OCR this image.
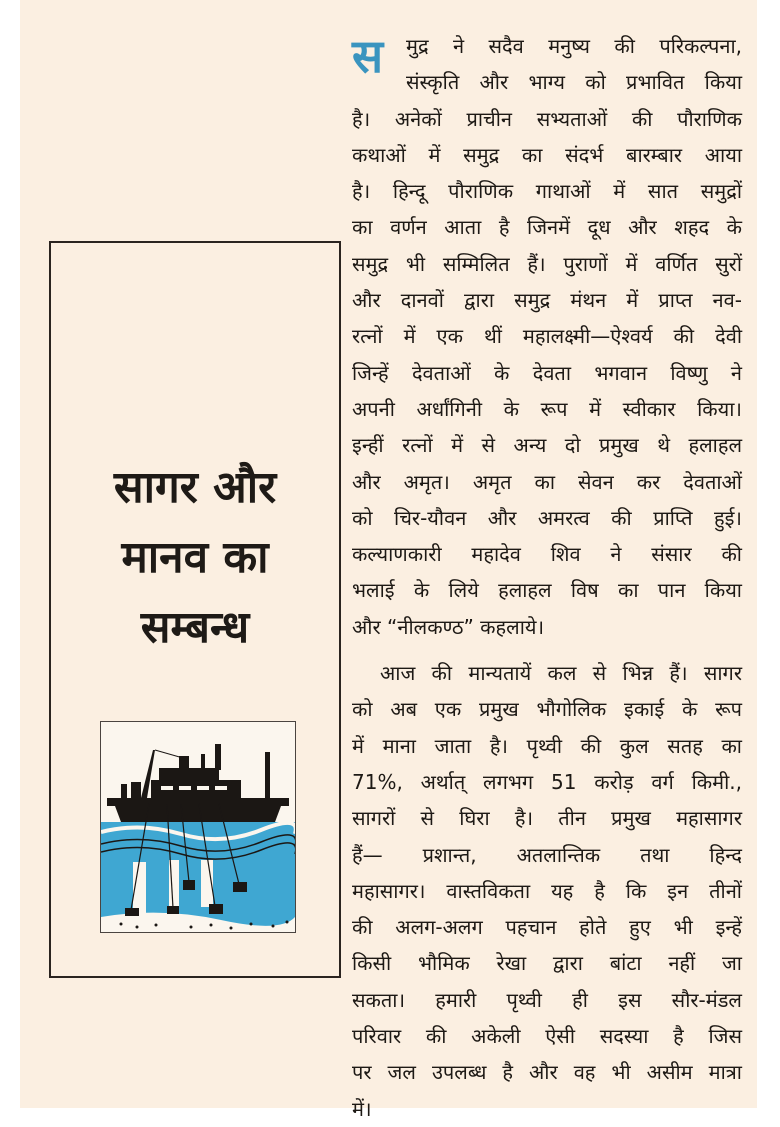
सागर और
मानव का
सम्बन्ध
स	मुद्र ने सदैव मनुष्य की परिकल्पना,
संस्कृति और भाग्य को प्रभावित किया
है। अनेकों प्राचीन सभ्यताओं की पौराणिक
कथाओं में समुद्र का संदर्भ बारम्बार आया
है। हिन्दू पौराणिक गाथाओं में सात समुद्रों
का वर्णन आता है जिनमें दूध और शहद के
समुद्र भी सम्मिलित हैं। पुराणों में वर्णित सुरों
और दानवों द्वारा समुद्र मंथन में प्राप्त नव-
रत्नों में एक थीं महालक्ष्मी—ऐश्वर्य की देवी
जिन्हें देवताओं के देवता भगवान विष्णु ने
अपनी अर्धांगिनी के रूप में स्वीकार किया।
इन्हीं रत्नों में से अन्य दो प्रमुख थे हलाहल
और अमृत। अमृत का सेवन कर देवताओं
को चिर-यौवन और अमरत्व की प्राप्ति हुई।
कल्याणकारी महादेव शिव ने संसार की
भलाई के लिये हलाहल विष का पान किया
और “नीलकण्ठ” कहलाये।
आज की मान्यतायें कल से भिन्न हैं। सागर
को अब एक प्रमुख भौगोलिक इकाई के रूप
में माना जाता है। पृथ्वी की कुल सतह का
71%, अर्थात् लगभग 51 करोड़ वर्ग किमी.,
सागरों से घिरा है। तीन प्रमुख महासागर
हैं— प्रशान्त, अतलान्तिक तथा हिन्द
महासागर। वास्तविकता यह है कि इन तीनों
की अलग-अलग पहचान होते हुए भी इन्हें
किसी भौमिक रेखा द्वारा बांटा नहीं जा
सकता। हमारी पृथ्वी ही इस सौर-मंडल
परिवार की अकेली ऐसी सदस्या है जिस
पर जल उपलब्ध है और वह भी असीम मात्रा
में।
